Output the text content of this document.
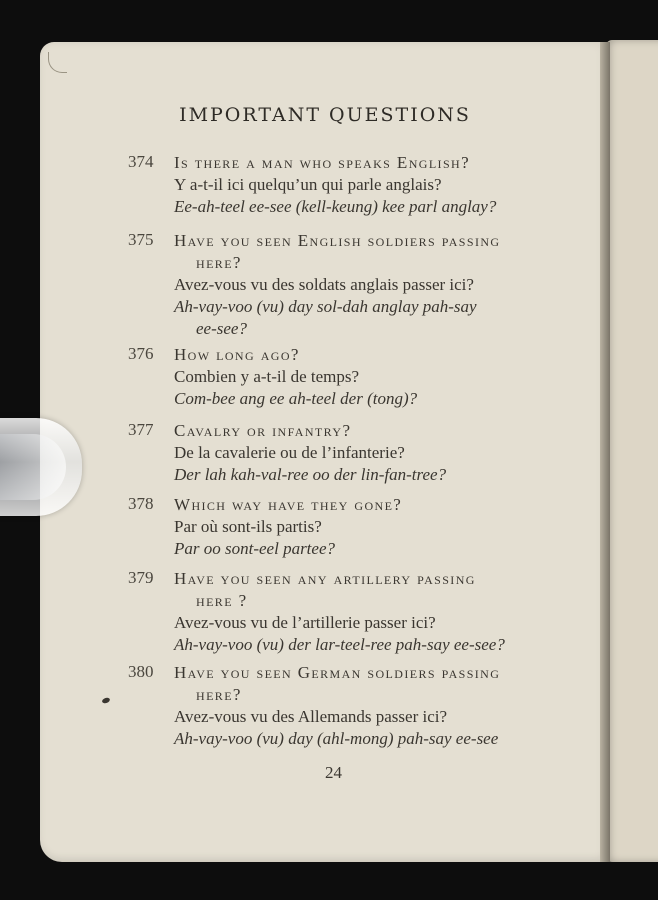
IMPORTANT QUESTIONS
374 Is there a man who speaks English?
Y a-t-il ici quelqu’un qui parle anglais?
Ee-ah-teel ee-see (kell-keung) kee parl anglay?
375 Have you seen English soldiers passing
here?
Avez-vous vu des soldats anglais passer ici?
Ah-vay-voo (vu) day sol-dah anglay pah-say
ee-see?
376 How long ago?
Combien y a-t-il de temps?
Com-bee ang ee ah-teel der (tong)?
377 Cavalry or infantry?
De la cavalerie ou de l’infanterie?
Der lah kah-val-ree oo der lin-fan-tree?
378 Which way have they gone?
Par où sont-ils partis?
Par oo sont-eel partee?
379 Have you seen any artillery passing
here ?
Avez-vous vu de l’artillerie passer ici?
Ah-vay-voo (vu) der lar-teel-ree pah-say ee-see?
380 Have you seen German soldiers passing
here?
Avez-vous vu des Allemands passer ici?
Ah-vay-voo (vu) day (ahl-mong) pah-say ee-see
24
